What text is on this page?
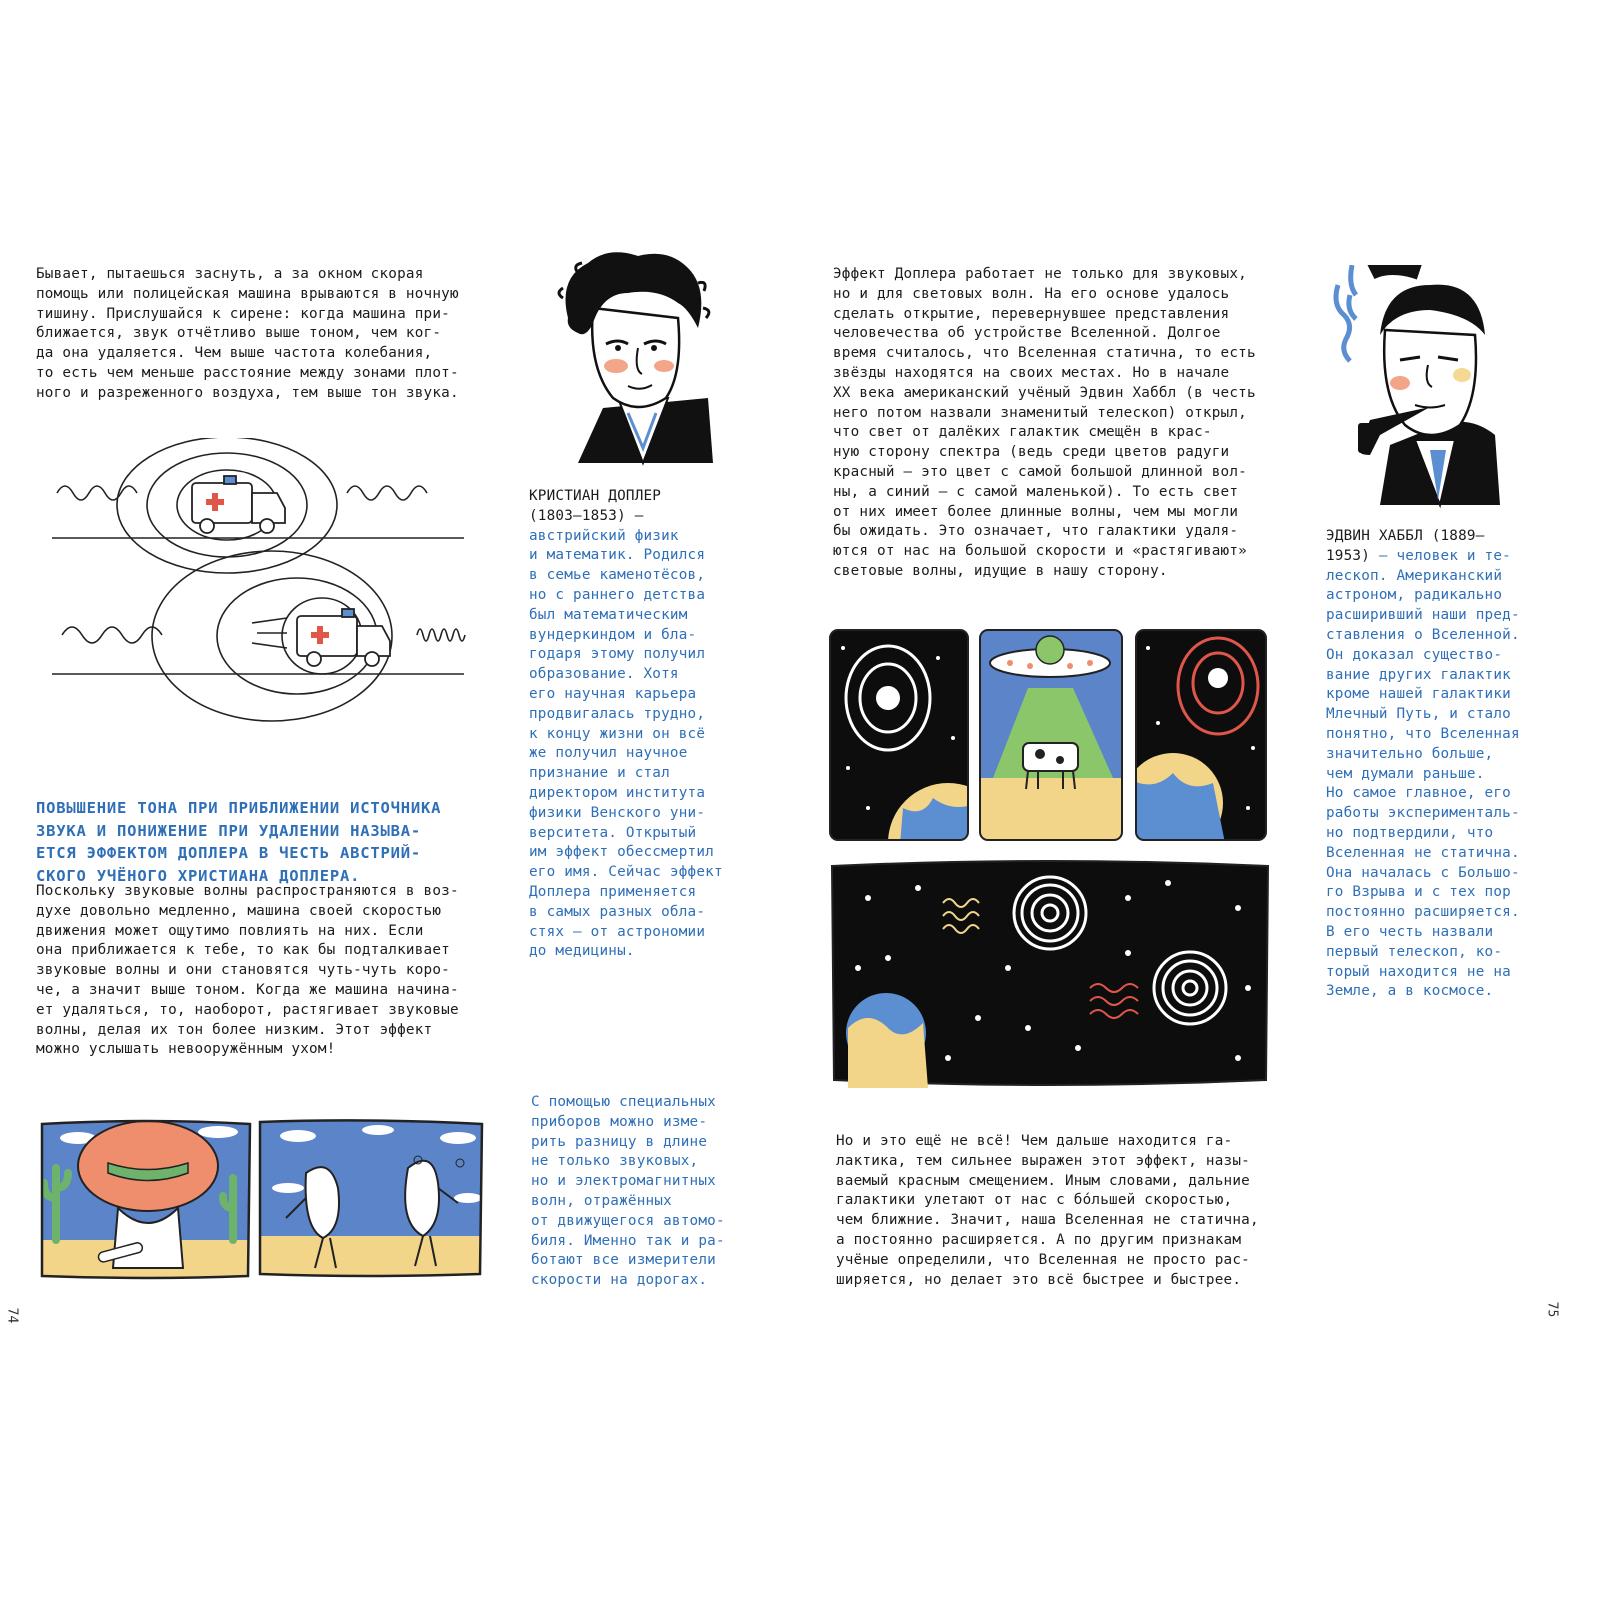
Бывает, пытаешься заснуть, а за окном скорая
помощь или полицейская машина врываются в ночную
тишину. Прислушайся к сирене: когда машина при-
ближается, звук отчётливо выше тоном, чем ког-
да она удаляется. Чем выше частота колебания,
то есть чем меньше расстояние между зонами плот-
ного и разреженного воздуха, тем выше тон звука.

ПОВЫШЕНИЕ ТОНА ПРИ ПРИБЛИЖЕНИИ ИСТОЧНИКА
ЗВУКА И ПОНИЖЕНИЕ ПРИ УДАЛЕНИИ НАЗЫВА-
ЕТСЯ ЭФФЕКТОМ ДОПЛЕРА В ЧЕСТЬ АВСТРИЙ-
СКОГО УЧЁНОГО ХРИСТИАНА ДОПЛЕРА.

Поскольку звуковые волны распространяются в воз-
духе довольно медленно, машина своей скоростью
движения может ощутимо повлиять на них. Если
она приближается к тебе, то как бы подталкивает
звуковые волны и они становятся чуть-чуть коро-
че, а значит выше тоном. Когда же машина начина-
ет удаляться, то, наоборот, растягивает звуковые
волны, делая их тон более низким. Этот эффект
можно услышать невооружённым ухом!

КРИСТИАН ДОПЛЕР
(1803–1853) —

австрийский физик
и математик. Родился
в семье каменотёсов,
но с раннего детства
был математическим
вундеркиндом и бла-
годаря этому получил
образование. Хотя
его научная карьера
продвигалась трудно,
к концу жизни он всё
же получил научное
признание и стал
директором института
физики Венского уни-
верситета. Открытый
им эффект обессмертил
его имя. Сейчас эффект
Доплера применяется
в самых разных обла-
стях — от астрономии
до медицины.

С помощью специальных
приборов можно изме-
рить разницу в длине
не только звуковых,
но и электромагнитных
волн, отражённых
от движущегося автомо-
биля. Именно так и ра-
ботают все измерители
скорости на дорогах.

Эффект Доплера работает не только для звуковых,
но и для световых волн. На его основе удалось
сделать открытие, перевернувшее представления
человечества об устройстве Вселенной. Долгое
время считалось, что Вселенная статична, то есть
звёзды находятся на своих местах. Но в начале
XX века американский учёный Эдвин Хаббл (в честь
него потом назвали знаменитый телескоп) открыл,
что свет от далёких галактик смещён в крас-
ную сторону спектра (ведь среди цветов радуги
красный — это цвет с самой большой длинной вол-
ны, а синий — с самой маленькой). То есть свет
от них имеет более длинные волны, чем мы могли
бы ожидать. Это означает, что галактики удаля-
ются от нас на большой скорости и «растягивают»
световые волны, идущие в нашу сторону.

Но и это ещё не всё! Чем дальше находится га-
лактика, тем сильнее выражен этот эффект, назы-
ваемый красным смещением. Иным словами, дальние
галактики улетают от нас с бо́льшей скоростью,
чем ближние. Значит, наша Вселенная не статична,
а постоянно расширяется. А по другим признакам
учёные определили, что Вселенная не просто рас-
ширяется, но делает это всё быстрее и быстрее.

ЭДВИН ХАББЛ (1889–
1953) — человек и те-

лескоп. Американский
астроном, радикально
расширивший наши пред-
ставления о Вселенной.
Он доказал существо-
вание других галактик
кроме нашей галактики
Млечный Путь, и стало
понятно, что Вселенная
значительно больше,
чем думали раньше.
Но самое главное, его
работы эксперименталь-
но подтвердили, что
Вселенная не статична.
Она началась с Большо-
го Взрыва и с тех пор
постоянно расширяется.
В его честь назвали
первый телескоп, ко-
торый находится не на
Земле, а в космосе.

74	75
